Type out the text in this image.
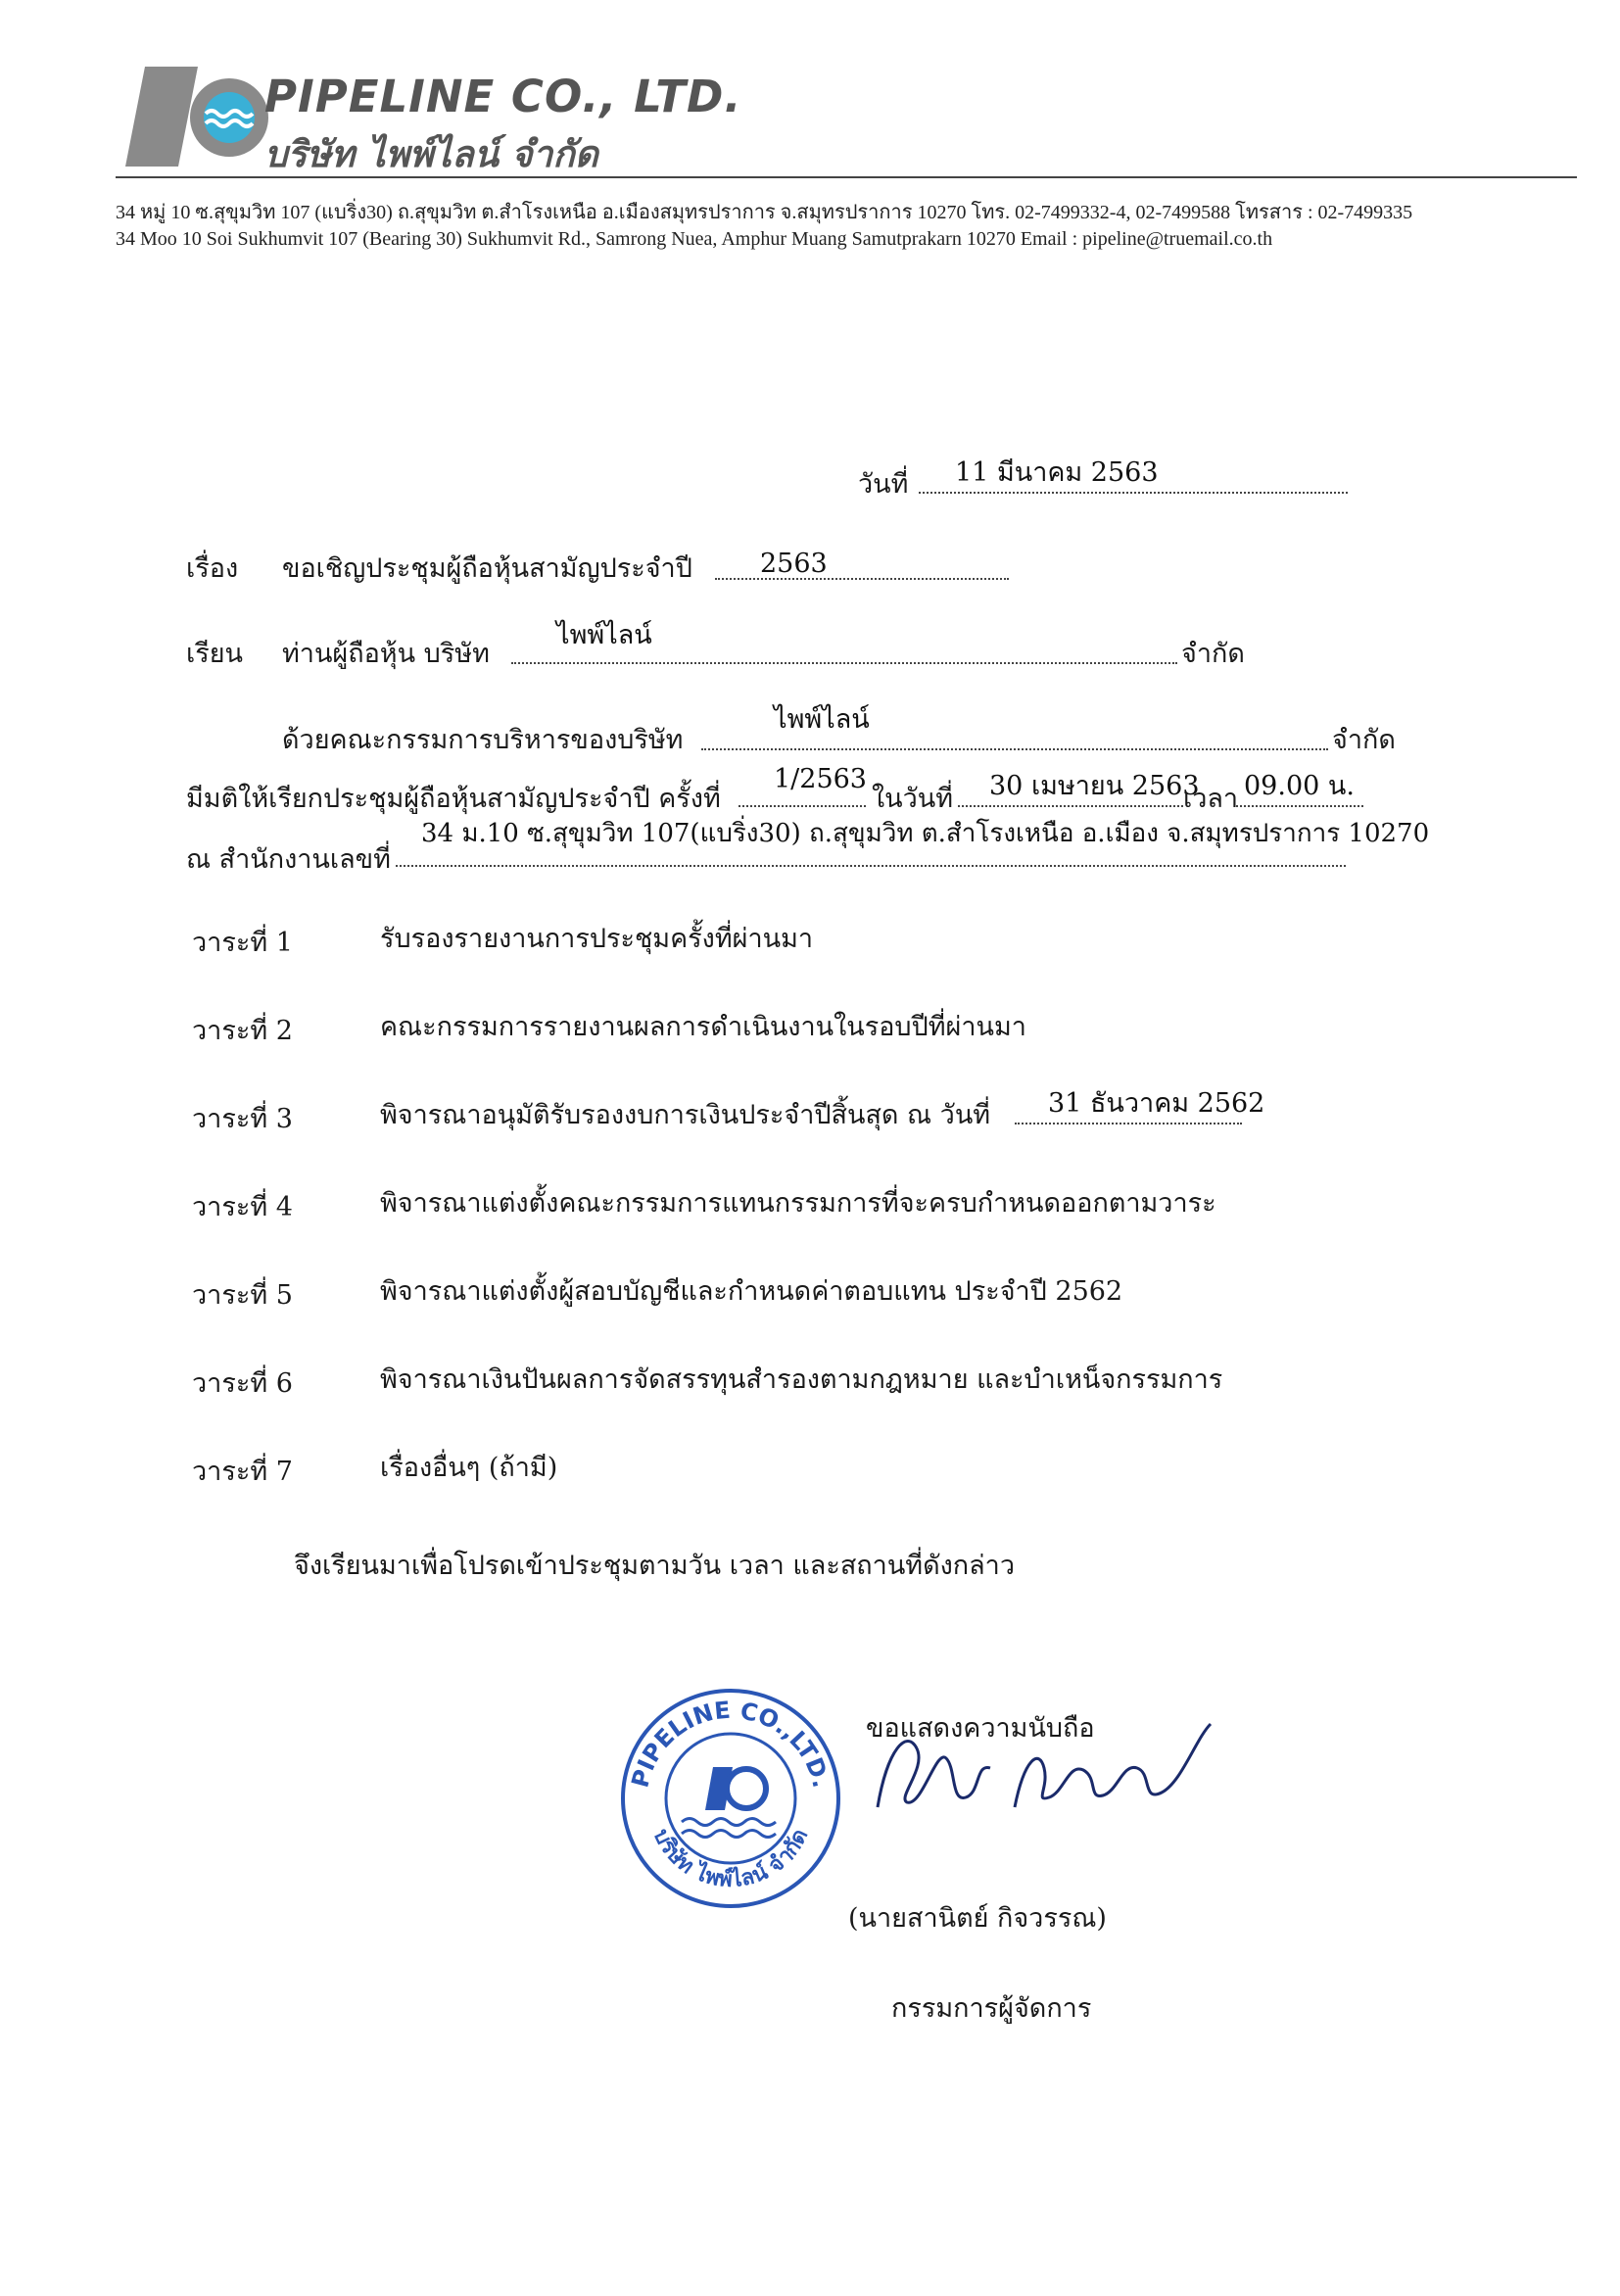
PIPELINE CO., LTD.
บริษัท ไพพ์ไลน์ จำกัด
34 หมู่ 10 ซ.สุขุมวิท 107 (แบริ่ง30) ถ.สุขุมวิท ต.สำโรงเหนือ อ.เมืองสมุทรปราการ จ.สมุทรปราการ 10270 โทร. 02-7499332-4, 02-7499588 โทรสาร : 02-7499335
34 Moo 10 Soi Sukhumvit 107 (Bearing 30) Sukhumvit Rd., Samrong Nuea, Amphur Muang Samutprakarn 10270 Email : pipeline@truemail.co.th
วันที่ 11 มีนาคม 2563
เรื่อง ขอเชิญประชุมผู้ถือหุ้นสามัญประจำปี	2563
เรียน ท่านผู้ถือหุ้น บริษัท
ไพพ์ไลน์
จำกัด
ด้วยคณะกรรมการบริหารของบริษัท
ไพพ์ไลน์
จำกัด
มีมติให้เรียกประชุมผู้ถือหุ้นสามัญประจำปี ครั้งที่
1/2563
ในวันที่ 30 เมษายน 2563
เวลา 09.00 น.
ณ สำนักงานเลขที่
34 ม.10 ซ.สุขุมวิท 107(แบริ่ง30) ถ.สุขุมวิท ต.สำโรงเหนือ อ.เมือง จ.สมุทรปราการ 10270
วาระที่ 1	รับรองรายงานการประชุมครั้งที่ผ่านมา
วาระที่ 2	คณะกรรมการรายงานผลการดำเนินงานในรอบปีที่ผ่านมา
วาระที่ 3	พิจารณาอนุมัติรับรองงบการเงินประจำปีสิ้นสุด ณ วันที่ 31 ธันวาคม 2562
วาระที่ 4	พิจารณาแต่งตั้งคณะกรรมการแทนกรรมการที่จะครบกำหนดออกตามวาระ
วาระที่ 5	พิจารณาแต่งตั้งผู้สอบบัญชีและกำหนดค่าตอบแทน ประจำปี 2562
วาระที่ 6	พิจารณาเงินปันผลการจัดสรรทุนสำรองตามกฎหมาย และบำเหน็จกรรมการ
วาระที่ 7	เรื่องอื่นๆ (ถ้ามี)
จึงเรียนมาเพื่อโปรดเข้าประชุมตามวัน เวลา และสถานที่ดังกล่าว
PIPELINE CO.,LTD.
บริษัท ไพพ์ไลน์ จำกัด
ขอแสดงความนับถือ
(นายสานิตย์ กิจวรรณ)
กรรมการผู้จัดการ
